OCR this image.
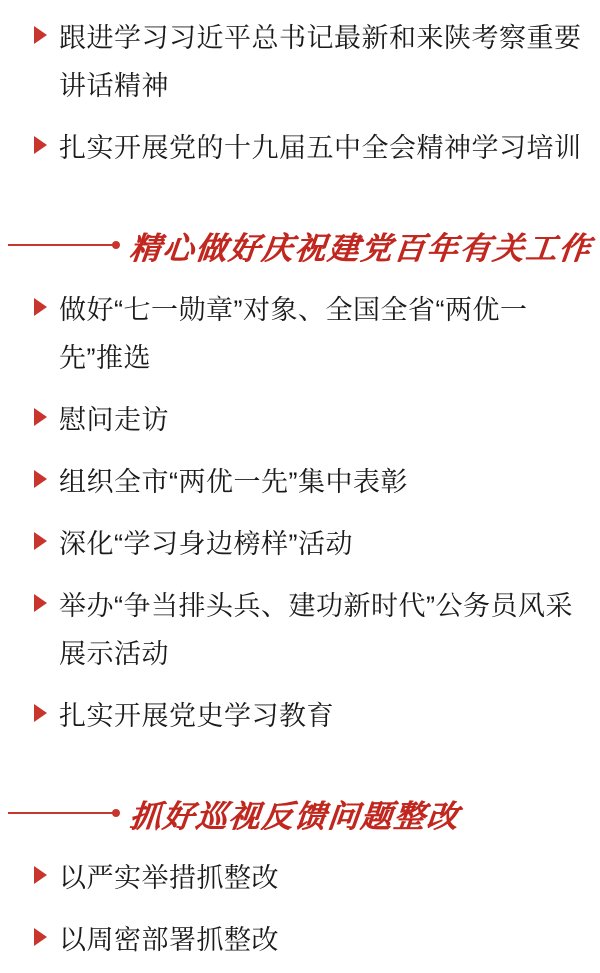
跟进学习习近平总书记最新和来陕考察重要讲话精神
扎实开展党的十九届五中全会精神学习培训
精心做好庆祝建党百年有关工作
做好“七一勋章”对象、全国全省“两优一先”推选
慰问走访
组织全市“两优一先”集中表彰
深化“学习身边榜样”活动
举办“争当排头兵、建功新时代”公务员风采展示活动
扎实开展党史学习教育
抓好巡视反馈问题整改
以严实举措抓整改
以周密部署抓整改
